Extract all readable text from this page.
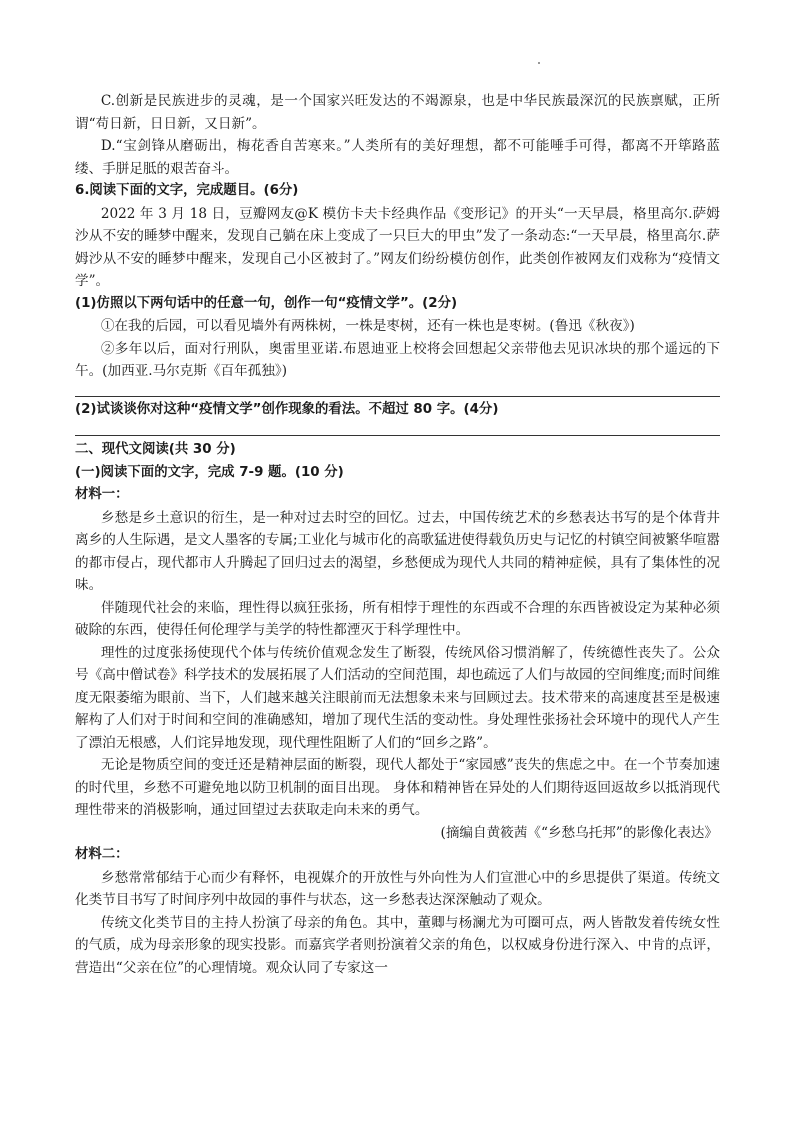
C.创新是民族进步的灵魂，是一个国家兴旺发达的不竭源泉，也是中华民族最深沉的民族禀赋，正所谓“苟日新，日日新，又日新”。

D.“宝剑锋从磨砺出，梅花香自苦寒来。”人类所有的美好理想，都不可能唾手可得，都离不开筚路蓝缕、手胼足胝的艰苦奋斗。

6.阅读下面的文字，完成题目。(6分)

2022 年 3 月 18 日，豆瓣网友@K 模仿卡夫卡经典作品《变形记》的开头“一天早晨，格里高尔.萨姆沙从不安的睡梦中醒来，发现自己躺在床上变成了一只巨大的甲虫”发了一条动态:“一天早晨，格里高尔.萨姆沙从不安的睡梦中醒来，发现自己小区被封了。”网友们纷纷模仿创作，此类创作被网友们戏称为“疫情文学”。

(1)仿照以下两句话中的任意一句，创作一句“疫情文学”。(2分)

①在我的后园，可以看见墙外有两株树，一株是枣树，还有一株也是枣树。(鲁迅《秋夜》)

②多年以后，面对行刑队，奥雷里亚诺.布恩迪亚上校将会回想起父亲带他去见识冰块的那个遥远的下午。(加西亚.马尔克斯《百年孤独》)

(2)试谈谈你对这种“疫情文学”创作现象的看法。不超过 80 字。(4分)

二、现代文阅读(共 30 分)

(一)阅读下面的文字，完成 7-9 题。(10 分)

材料一：

乡愁是乡土意识的衍生，是一种对过去时空的回忆。过去，中国传统艺术的乡愁表达书写的是个体背井离乡的人生际遇，是文人墨客的专属;工业化与城市化的高歌猛进使得载负历史与记忆的村镇空间被繁华喧嚣的都市侵占，现代都市人升腾起了回归过去的渴望，乡愁便成为现代人共同的精神症候，具有了集体性的况味。

伴随现代社会的来临，理性得以疯狂张扬，所有相悖于理性的东西或不合理的东西皆被设定为某种必须破除的东西，使得任何伦理学与美学的特性都湮灭于科学理性中。

理性的过度张扬使现代个体与传统价值观念发生了断裂，传统风俗习惯消解了，传统德性丧失了。公众号《高中僧试卷》科学技术的发展拓展了人们活动的空间范围，却也疏远了人们与故园的空间维度;而时间维度无限萎缩为眼前、当下，人们越来越关注眼前而无法想象未来与回顾过去。技术带来的高速度甚至是极速解构了人们对于时间和空间的准确感知，增加了现代生活的变动性。身处理性张扬社会环境中的现代人产生了漂泊无根感，人们诧异地发现，现代理性阻断了人们的“回乡之路”。

无论是物质空间的变迁还是精神层面的断裂，现代人都处于“家园感”丧失的焦虑之中。在一个节奏加速的时代里，乡愁不可避免地以防卫机制的面目出现。 身体和精神皆在异处的人们期待返回返故乡以抵消现代理性带来的消极影响，通过回望过去获取走向未来的勇气。

(摘编自黄筱茜《“乡愁乌托邦”的影像化表达》

材料二：

乡愁常常郁结于心而少有释怀，电视媒介的开放性与外向性为人们宣泄心中的乡思提供了渠道。传统文化类节目书写了时间序列中故园的事件与状态，这一乡愁表达深深触动了观众。

传统文化类节目的主持人扮演了母亲的角色。其中，董卿与杨澜尤为可圈可点，两人皆散发着传统女性的气质，成为母亲形象的现实投影。而嘉宾学者则扮演着父亲的角色，以权威身份进行深入、中肯的点评，营造出“父亲在位”的心理情境。观众认同了专家这一
